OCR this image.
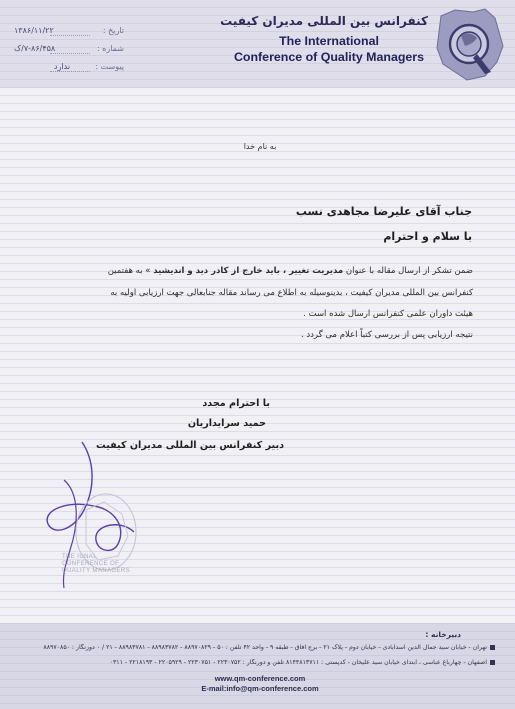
کنفرانس بین المللی مدیران کیفیت
The International
Conference of Quality Managers
تاریخ :
۱۳۸۶/۱۱/۲۲
شماره :
۷-۸۶/۴۵۸/ک
پیوست :
ندارد
به نام خدا
جناب آقای علیرضا مجاهدی نسب
با سلام و احترام
ضمن تشکر از ارسال مقاله با عنوان مدیریت تغییر ، باید خارج از کادر دید و اندیشید » به هفتمین
کنفرانس بین المللی مدیران کیفیت ، بدینوسیله به اطلاع می رساند مقاله جنابعالی جهت ارزیابی اولیه به
هیئت داوران علمی کنفرانس ارسال شده است .
نتیجه ارزیابی پس از بررسی کتباً اعلام می گردد .
با احترام مجدد
حمید سرایداریان
دبیر کنفرانس بین المللی مدیران کیفیت
THE IUNAL CONFERENCE OF
QUALITY MANAGERS
دبیرخانه :
تهران - خیابان سید جمال الدین اسدآبادی - خیابان دوم - پلاک ۲۱ - برج آفاق - طبقه ۹ - واحد ۴۲ تلفن : ۵۰ - ۸۸۹۷۰۸۲۹ - ۸۸۹۸۳۷۸۲ - ۸۸۹۸۳۷۸۱ - ۲۱ / ۰ دورنگار : ۸۸۹۷۰۸۵۰
اصفهان - چهارباغ عباسی ، ابتدای خیابان سید علیخان - کدپستی : ۸۱۴۴۸۱۳۷۱۱ تلفن و دورنگار : ۲۲۳۰۷۵۲ - ۲۲۳۰۷۵۱ - ۲۲۰۵۹۲۹ - ۲۲۱۸۱۹۳ - ۰۳۱۱
www.qm-conference.com
E-mail:info@qm-conference.com
